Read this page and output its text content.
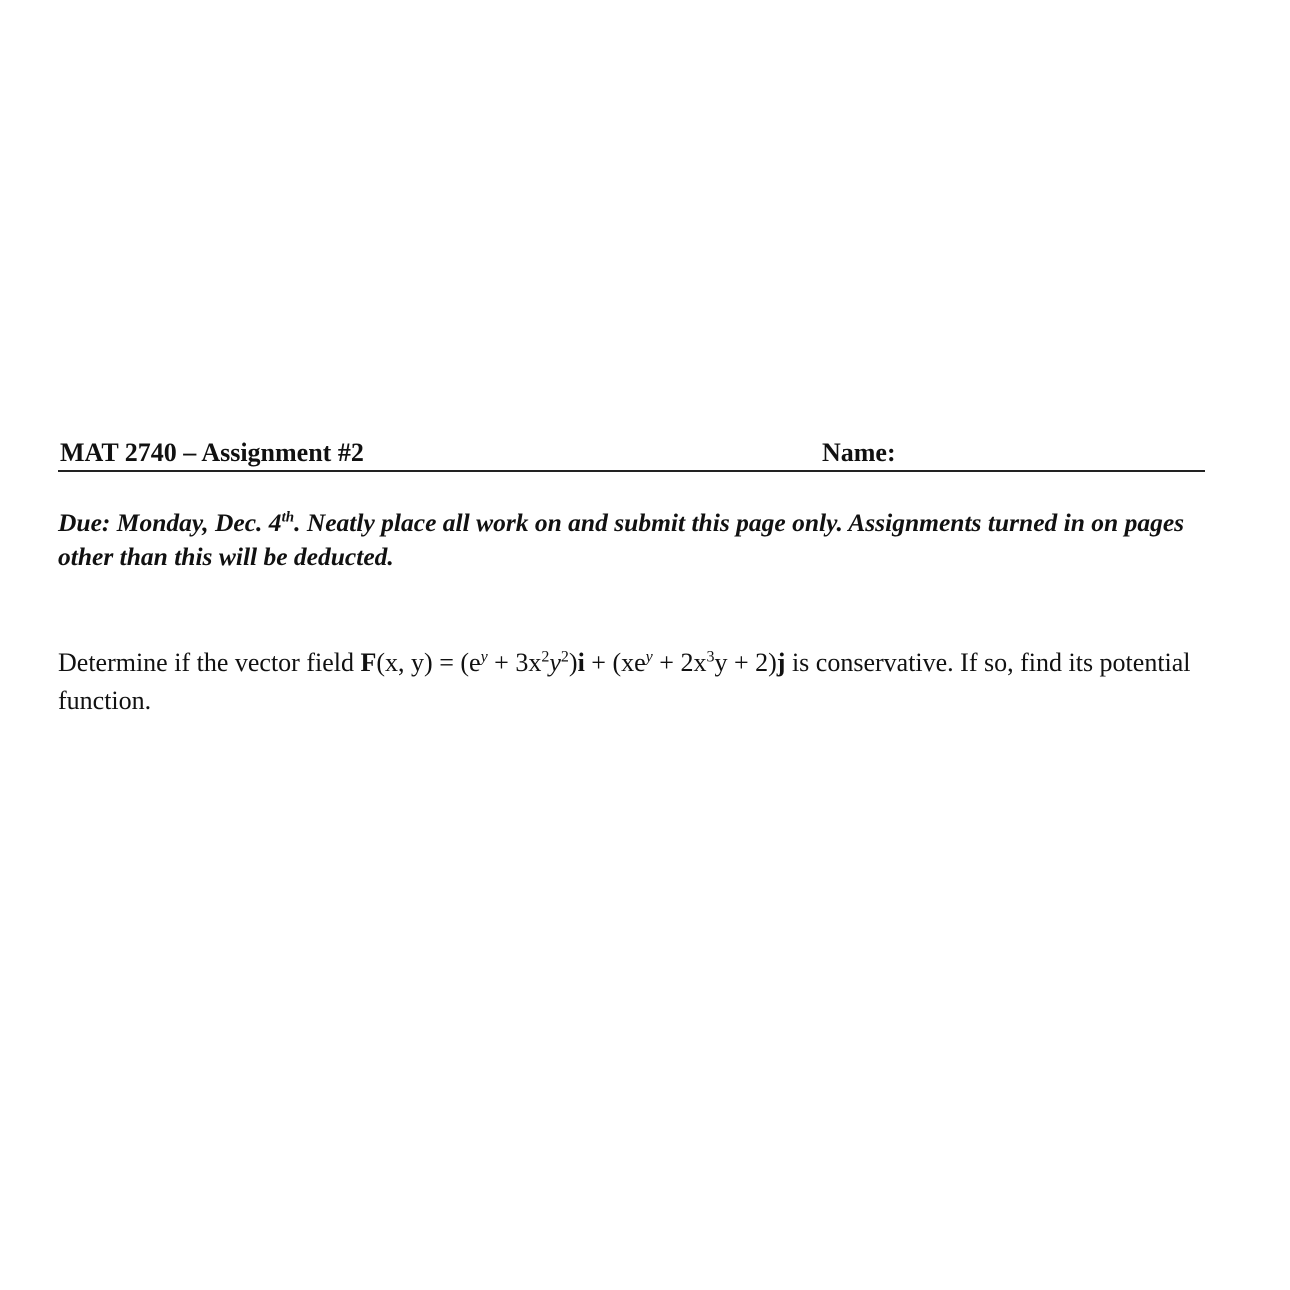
MAT 2740 – Assignment #2	Name:
Due: Monday, Dec. 4th. Neatly place all work on and submit this page only. Assignments turned in on pages other than this will be deducted.
Determine if the vector field F(x, $y) = (e^y + 3x^2y^2)i + (xe^y + 2x^3y + 2)j$ is conservative. If so, find its potential function.
